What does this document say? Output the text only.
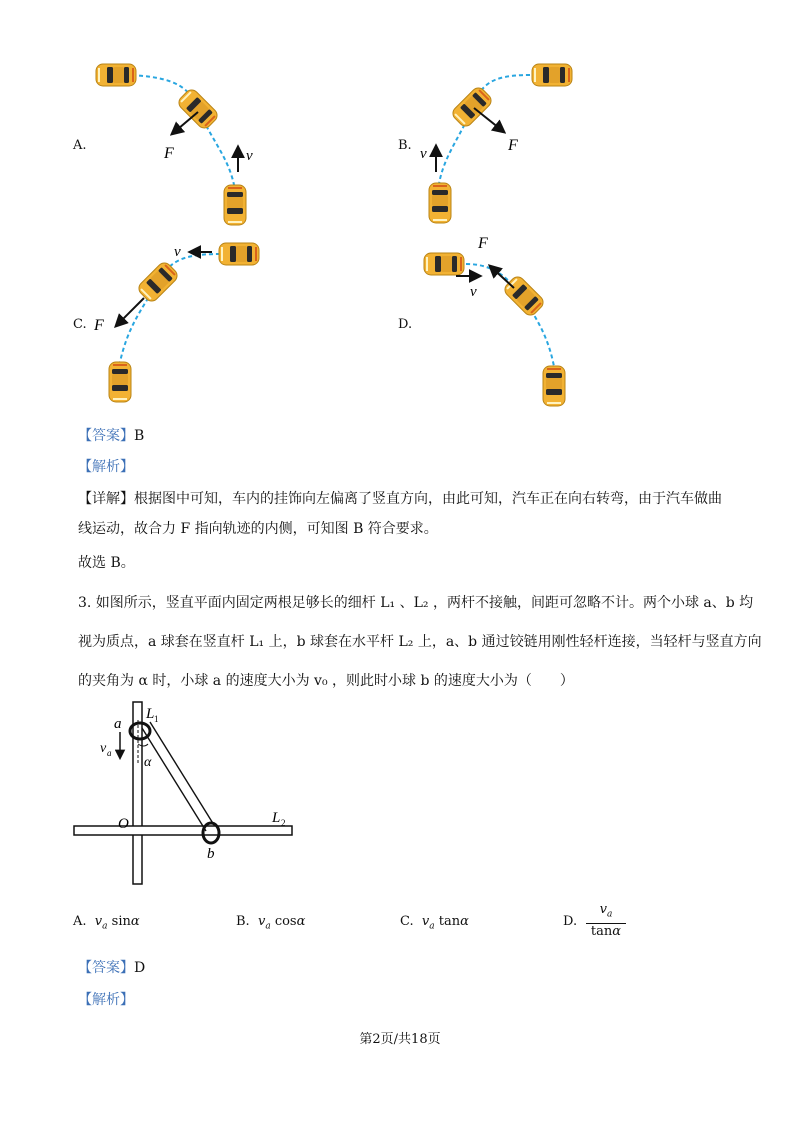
A.	F	v
B.	F
v
C. F
v
D.
F
v
【答案】B
【解析】
【详解】根据图中可知，车内的挂饰向左偏离了竖直方向，由此可知，汽车正在向右转弯，由于汽车做曲
线运动，故合力 F 指向轨迹的内侧，可知图 B 符合要求。
故选 B。
3. 如图所示，竖直平面内固定两根足够长的细杆 L₁ 、L₂ ，两杆不接触，间距可忽略不计。两个小球 a、b 均
视为质点，a 球套在竖直杆 L₁ 上，b 球套在水平杆 L₂ 上，a、b 通过铰链用刚性轻杆连接，当轻杆与竖直方向
的夹角为 α 时，小球 a 的速度大小为 v₀ ，则此时小球 b 的速度大小为（　　）
a
L 1
v a
α
O	L 2
b
A. $v_a$ sinα	B. $v_a$ cosα	C. $v_a$ tanα	D.
$v_a$
tanα
【答案】D
【解析】
第2页/共18页
